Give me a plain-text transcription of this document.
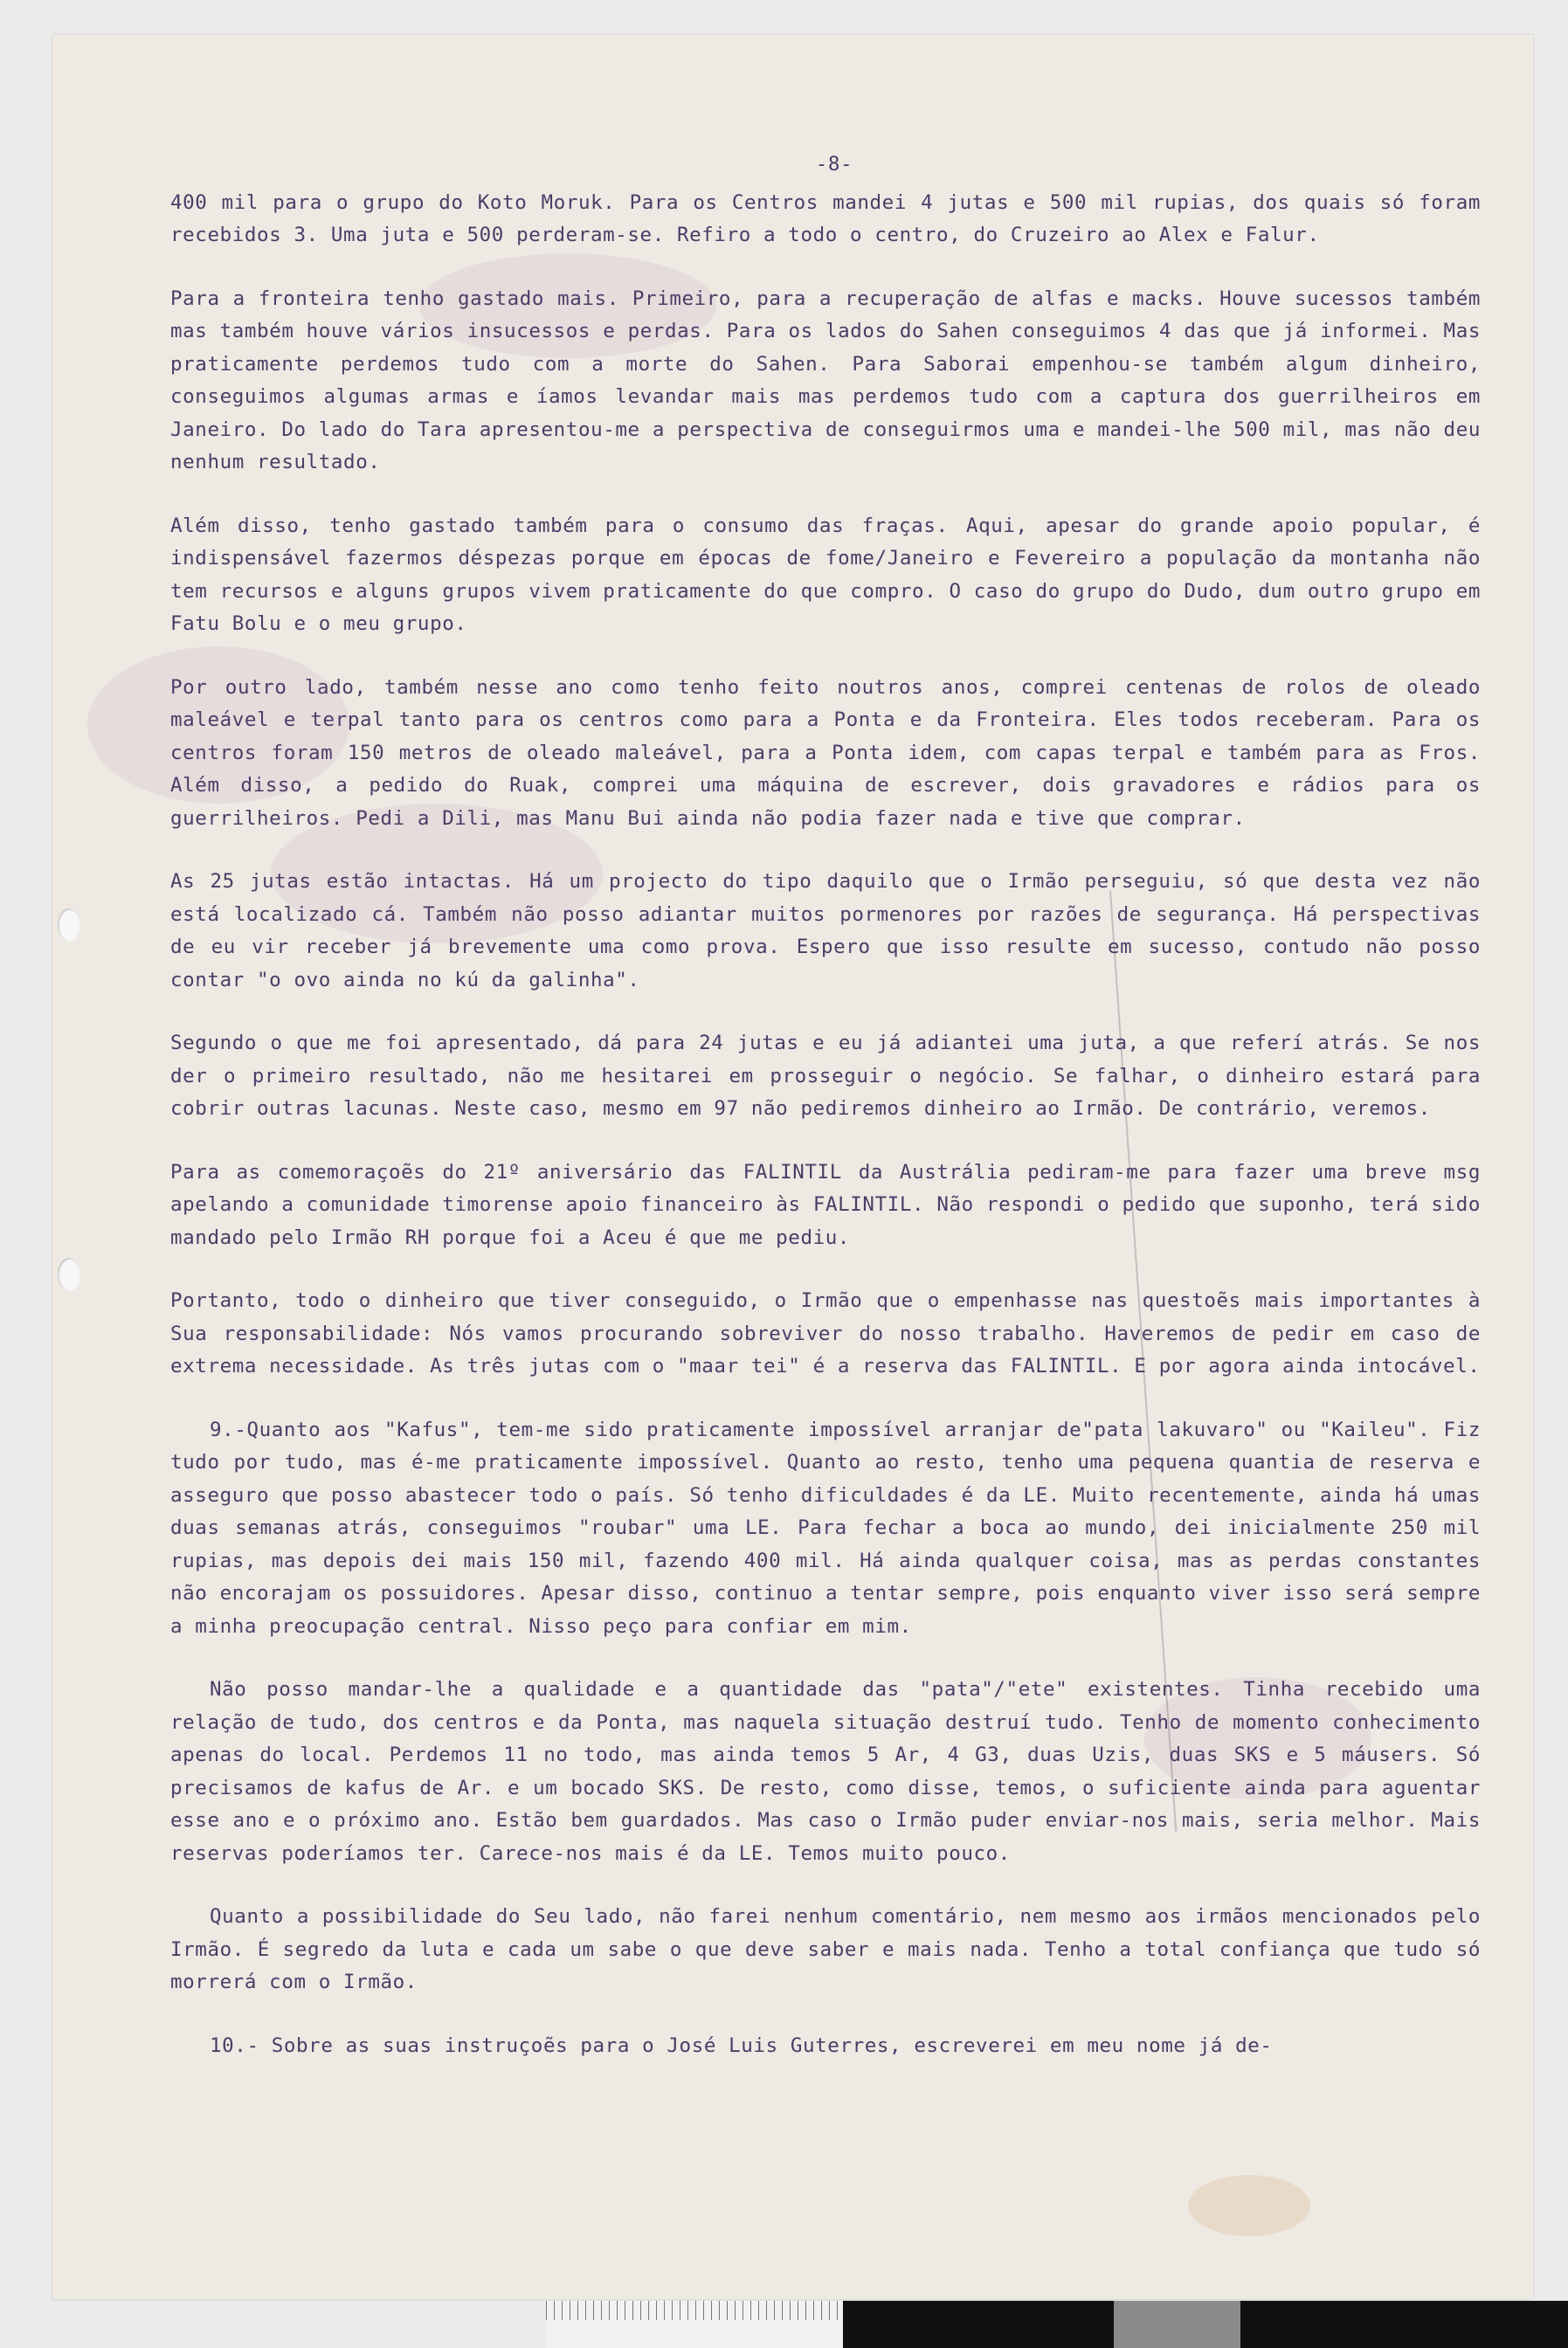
-8-

400 mil para o grupo do Koto Moruk. Para os Centros mandei 4 jutas e 500 mil rupias, dos quais só foram recebidos 3. Uma juta e 500 perderam-se. Refiro a todo o centro, do Cruzeiro ao Alex e Falur.

Para a fronteira tenho gastado mais. Primeiro, para a recuperação de alfas e macks. Houve sucessos também mas também houve vários insucessos e perdas. Para os lados do Sahen conseguimos 4 das que já informei. Mas praticamente perdemos tudo com a morte do Sahen. Para Saborai empenhou-se também algum dinheiro, conseguimos algumas armas e íamos levandar mais mas perdemos tudo com a captura dos guerrilheiros em Janeiro. Do lado do Tara apresentou-me a perspectiva de conseguirmos uma e mandei-lhe 500 mil, mas não deu nenhum resultado.

Além disso, tenho gastado também para o consumo das fraças. Aqui, apesar do grande apoio popular, é indispensável fazermos déspezas porque em épocas de fome/Janeiro e Fevereiro a população da montanha não tem recursos e alguns grupos vivem praticamente do que compro. O caso do grupo do Dudo, dum outro grupo em Fatu Bolu e o meu grupo.

Por outro lado, também nesse ano como tenho feito noutros anos, comprei centenas de rolos de oleado maleável e terpal tanto para os centros como para a Ponta e da Fronteira. Eles todos receberam. Para os centros foram 150 metros de oleado maleável, para a Ponta idem, com capas terpal e também para as Fros. Além disso, a pedido do Ruak, comprei uma máquina de escrever, dois gravadores e rádios para os guerrilheiros. Pedi a Dili, mas Manu Bui ainda não podia fazer nada e tive que comprar.

As 25 jutas estão intactas. Há um projecto do tipo daquilo que o Irmão perseguiu, só que desta vez não está localizado cá. Também não posso adiantar muitos pormenores por razões de segurança. Há perspectivas de eu vir receber já brevemente uma como prova. Espero que isso resulte em sucesso, contudo não posso contar "o ovo ainda no kú da galinha".

Segundo o que me foi apresentado, dá para 24 jutas e eu já adiantei uma juta, a que referí atrás. Se nos der o primeiro resultado, não me hesitarei em prosseguir o negócio. Se falhar, o dinheiro estará para cobrir outras lacunas. Neste caso, mesmo em 97 não pediremos dinheiro ao Irmão. De contrário, veremos.

Para as comemoraçoẽs do 21º aniversário das FALINTIL da Austrália pediram-me para fazer uma breve msg apelando a comunidade timorense apoio financeiro às FALINTIL. Não respondi o pedido que suponho, terá sido mandado pelo Irmão RH porque foi a Aceu é que me pediu.

Portanto, todo o dinheiro que tiver conseguido, o Irmão que o empenhasse nas questoẽs mais importantes à Sua responsabilidade: Nós vamos procurando sobreviver do nosso trabalho. Haveremos de pedir em caso de extrema necessidade. As três jutas com o "maar tei" é a reserva das FALINTIL. E por agora ainda intocável.

9.-Quanto aos "Kafus", tem-me sido praticamente impossível arranjar de"pata lakuvaro" ou "Kaileu". Fiz tudo por tudo, mas é-me praticamente impossível. Quanto ao resto, tenho uma pequena quantia de reserva e asseguro que posso abastecer todo o país. Só tenho dificuldades é da LE. Muito recentemente, ainda há umas duas semanas atrás, conseguimos "roubar" uma LE. Para fechar a boca ao mundo, dei inicialmente 250 mil rupias, mas depois dei mais 150 mil, fazendo 400 mil. Há ainda qualquer coisa, mas as perdas constantes não encorajam os possuidores. Apesar disso, continuo a tentar sempre, pois enquanto viver isso será sempre a minha preocupação central. Nisso peço para confiar em mim.

Não posso mandar-lhe a qualidade e a quantidade das "pata"/"ete" existentes. Tinha recebido uma relação de tudo, dos centros e da Ponta, mas naquela situação destruí tudo. Tenho de momento conhecimento apenas do local. Perdemos 11 no todo, mas ainda temos 5 Ar, 4 G3, duas Uzis, duas SKS e 5 máusers. Só precisamos de kafus de Ar. e um bocado SKS. De resto, como disse, temos, o suficiente ainda para aguentar esse ano e o próximo ano. Estão bem guardados. Mas caso o Irmão puder enviar-nos mais, seria melhor. Mais reservas poderíamos ter. Carece-nos mais é da LE. Temos muito pouco.

Quanto a possibilidade do Seu lado, não farei nenhum comentário, nem mesmo aos irmãos mencionados pelo Irmão. É segredo da luta e cada um sabe o que deve saber e mais nada. Tenho a total confiança que tudo só morrerá com o Irmão.

10.- Sobre as suas instruçoẽs para o José Luis Guterres, escreverei em meu nome já de-
